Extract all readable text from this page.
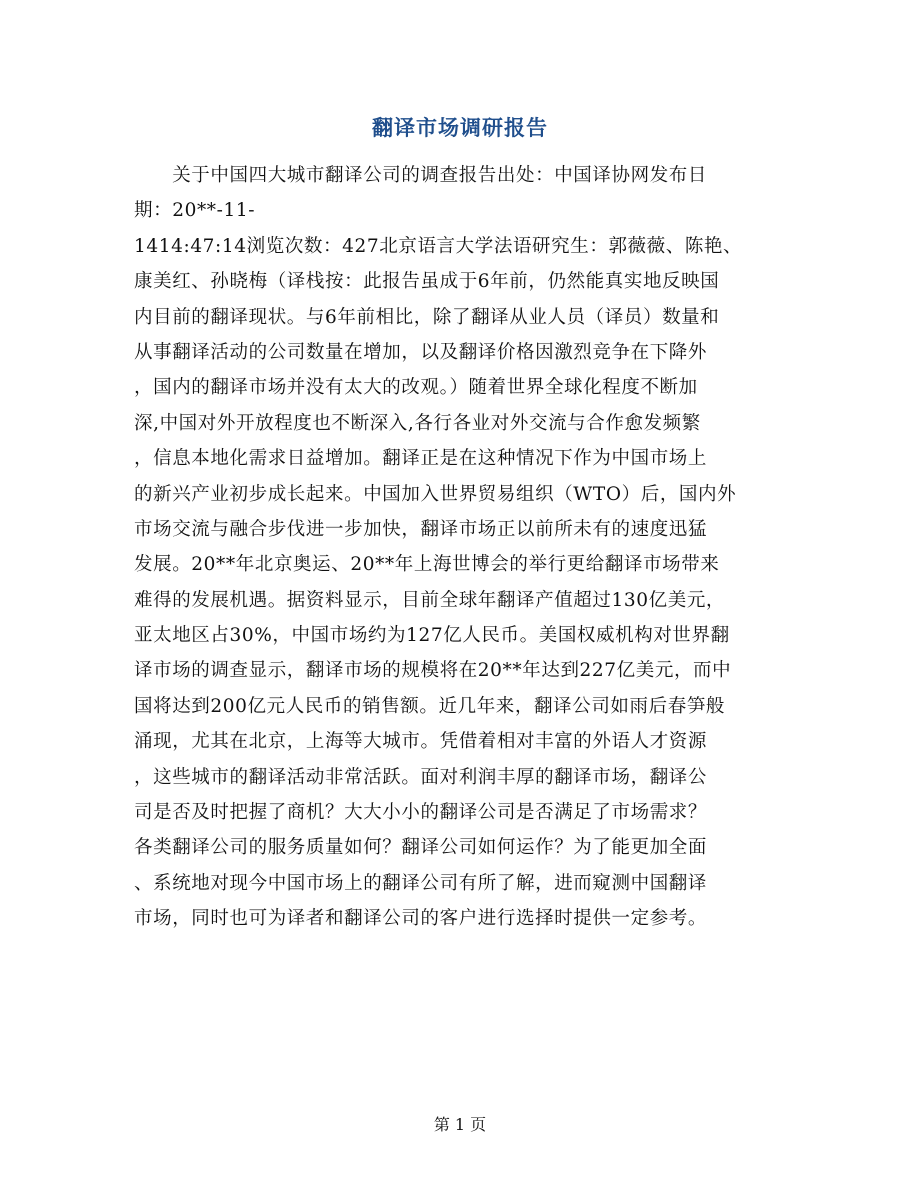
翻译市场调研报告
　　关于中国四大城市翻译公司的调查报告出处：中国译协网发布日
期：20**-11-
1414:47:14浏览次数：427北京语言大学法语研究生：郭薇薇、陈艳、
康美红、孙晓梅（译栈按：此报告虽成于6年前，仍然能真实地反映国
内目前的翻译现状。与6年前相比，除了翻译从业人员（译员）数量和
从事翻译活动的公司数量在增加，以及翻译价格因激烈竞争在下降外
，国内的翻译市场并没有太大的改观。）随着世界全球化程度不断加
深,中国对外开放程度也不断深入,各行各业对外交流与合作愈发频繁
，信息本地化需求日益增加。翻译正是在这种情况下作为中国市场上
的新兴产业初步成长起来。中国加入世界贸易组织（WTO）后，国内外
市场交流与融合步伐进一步加快，翻译市场正以前所未有的速度迅猛
发展。20**年北京奥运、20**年上海世博会的举行更给翻译市场带来
难得的发展机遇。据资料显示，目前全球年翻译产值超过130亿美元，
亚太地区占30%，中国市场约为127亿人民币。美国权威机构对世界翻
译市场的调查显示，翻译市场的规模将在20**年达到227亿美元，而中
国将达到200亿元人民币的销售额。近几年来，翻译公司如雨后春笋般
涌现，尤其在北京，上海等大城市。凭借着相对丰富的外语人才资源
，这些城市的翻译活动非常活跃。面对利润丰厚的翻译市场，翻译公
司是否及时把握了商机？大大小小的翻译公司是否满足了市场需求？
各类翻译公司的服务质量如何？翻译公司如何运作？为了能更加全面
、系统地对现今中国市场上的翻译公司有所了解，进而窥测中国翻译
市场，同时也可为译者和翻译公司的客户进行选择时提供一定参考。
第 1 页
